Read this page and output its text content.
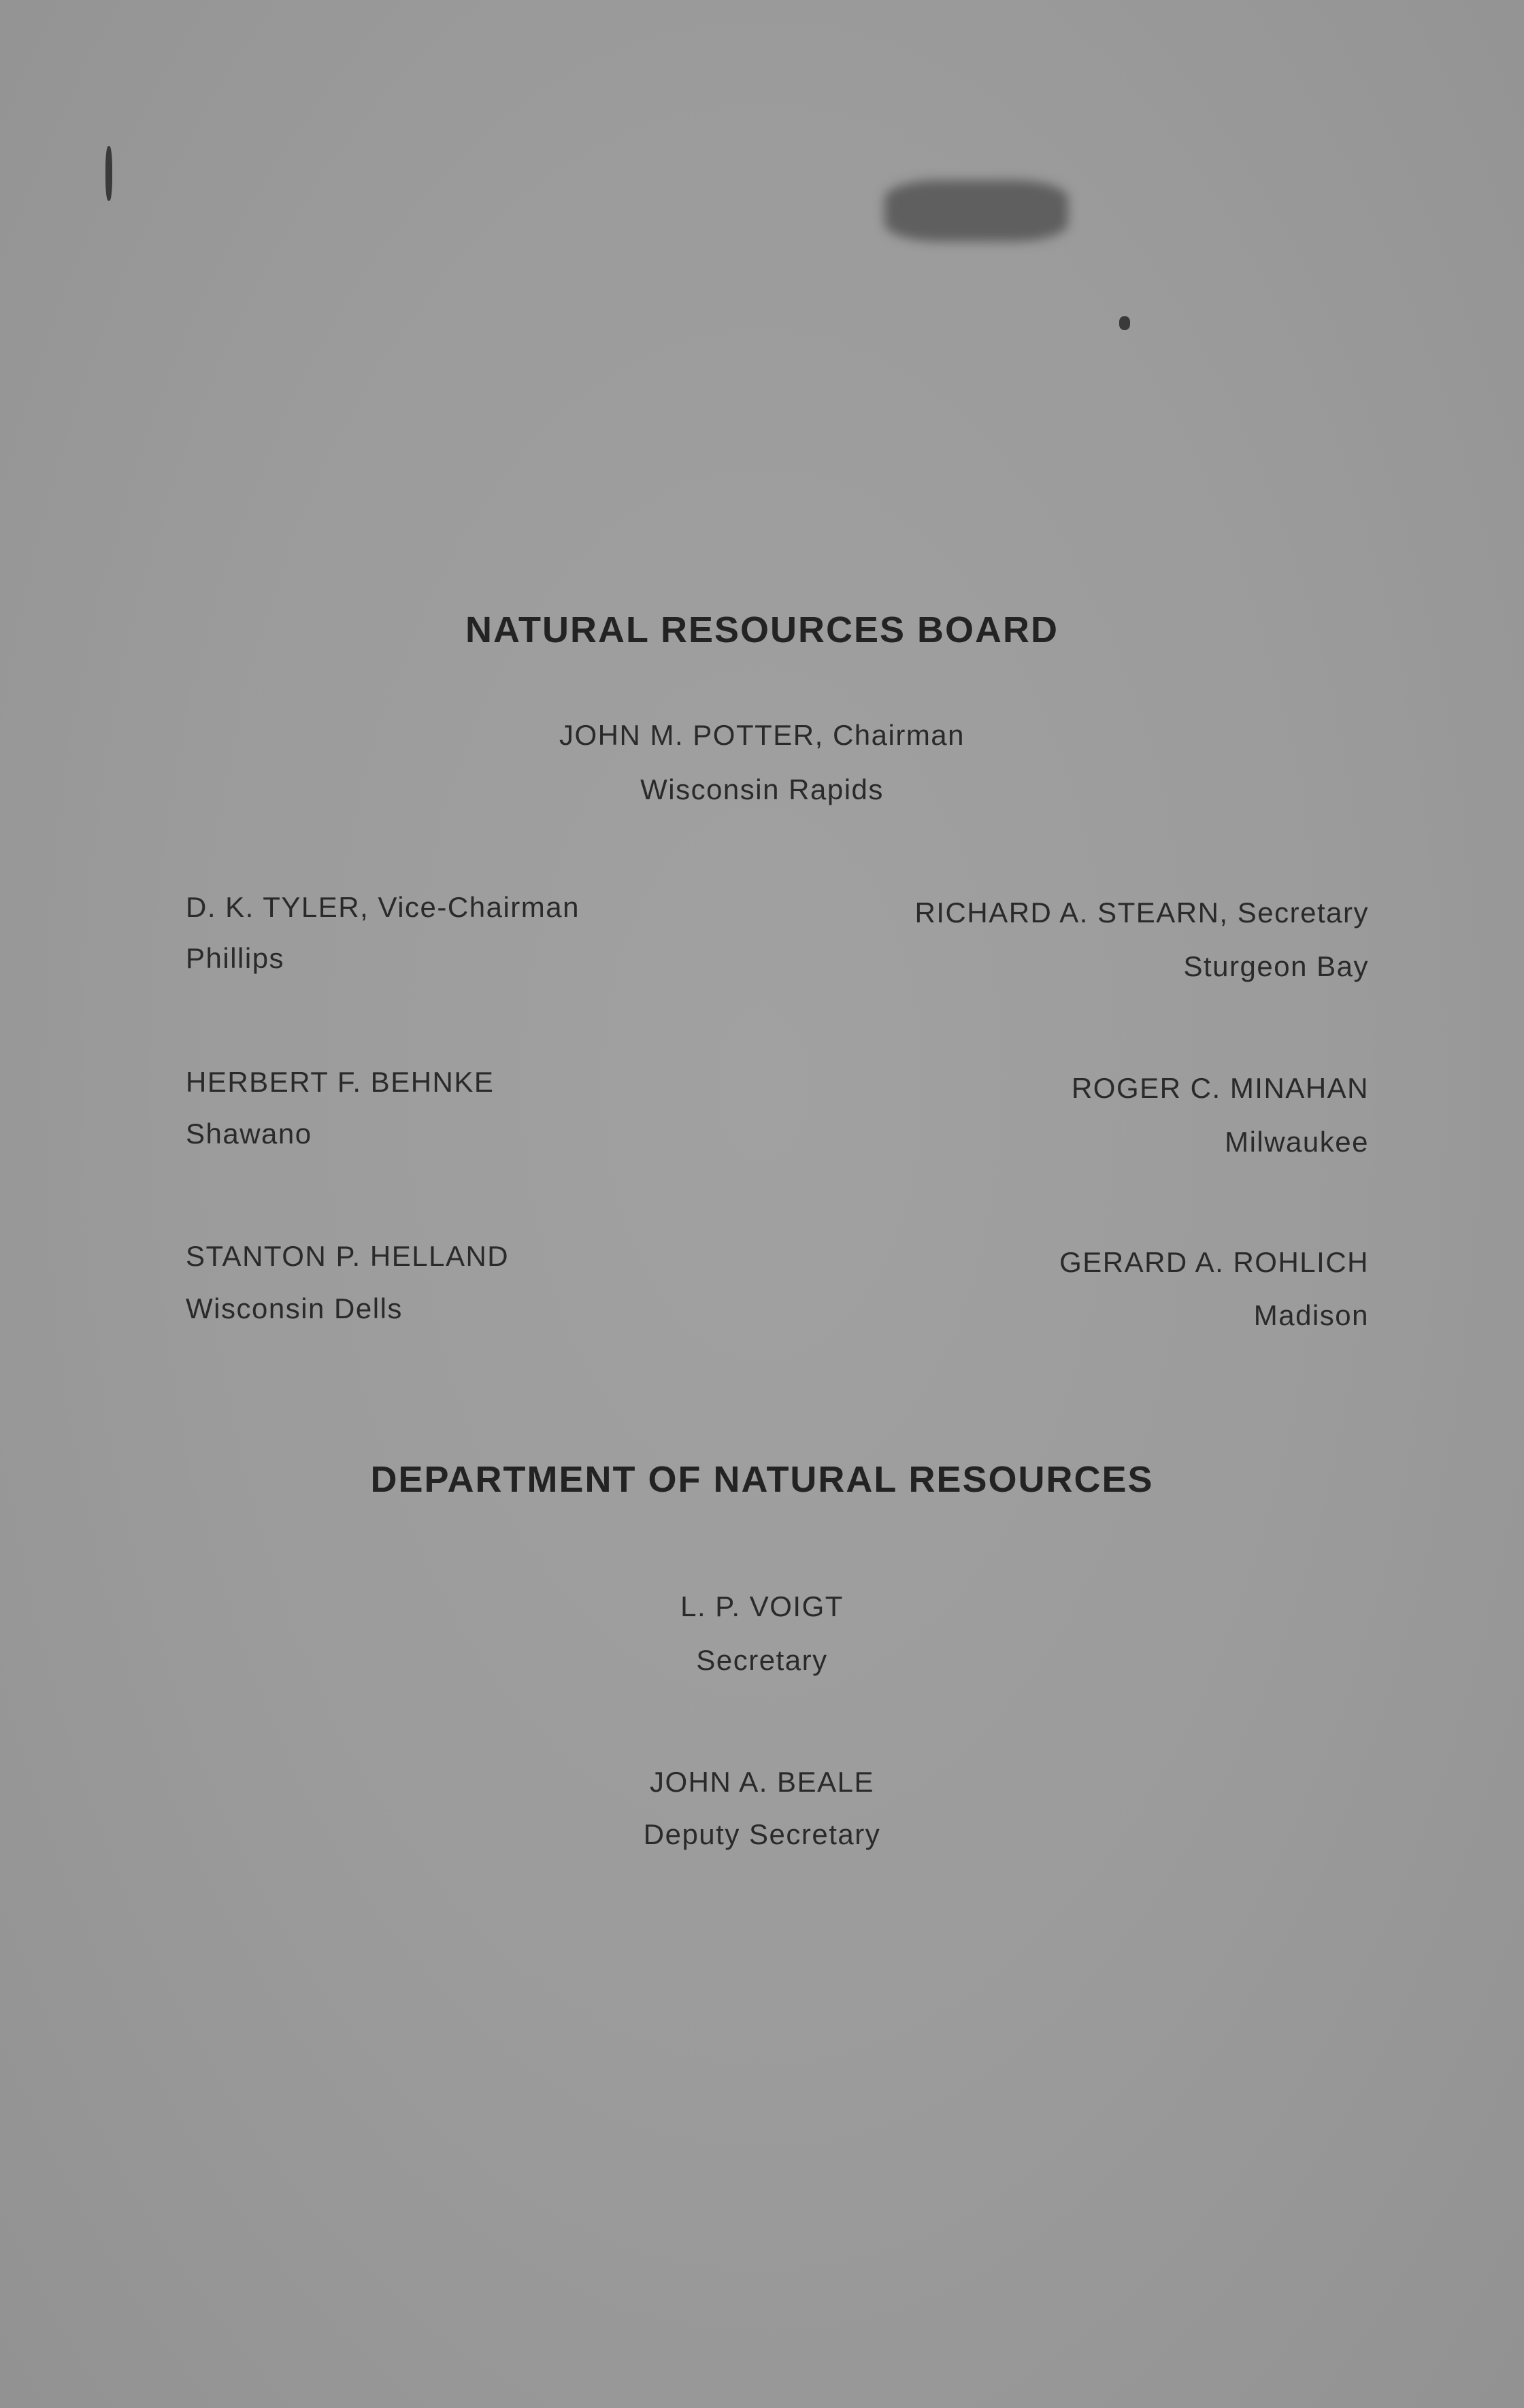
NATURAL RESOURCES BOARD
JOHN M. POTTER, Chairman
Wisconsin Rapids
D. K. TYLER, Vice-Chairman
Phillips
HERBERT F. BEHNKE
Shawano
STANTON P. HELLAND
Wisconsin Dells
RICHARD A. STEARN, Secretary
Sturgeon Bay
ROGER C. MINAHAN
Milwaukee
GERARD A. ROHLICH
Madison
DEPARTMENT OF NATURAL RESOURCES
L. P. VOIGT
Secretary
JOHN A. BEALE
Deputy Secretary
